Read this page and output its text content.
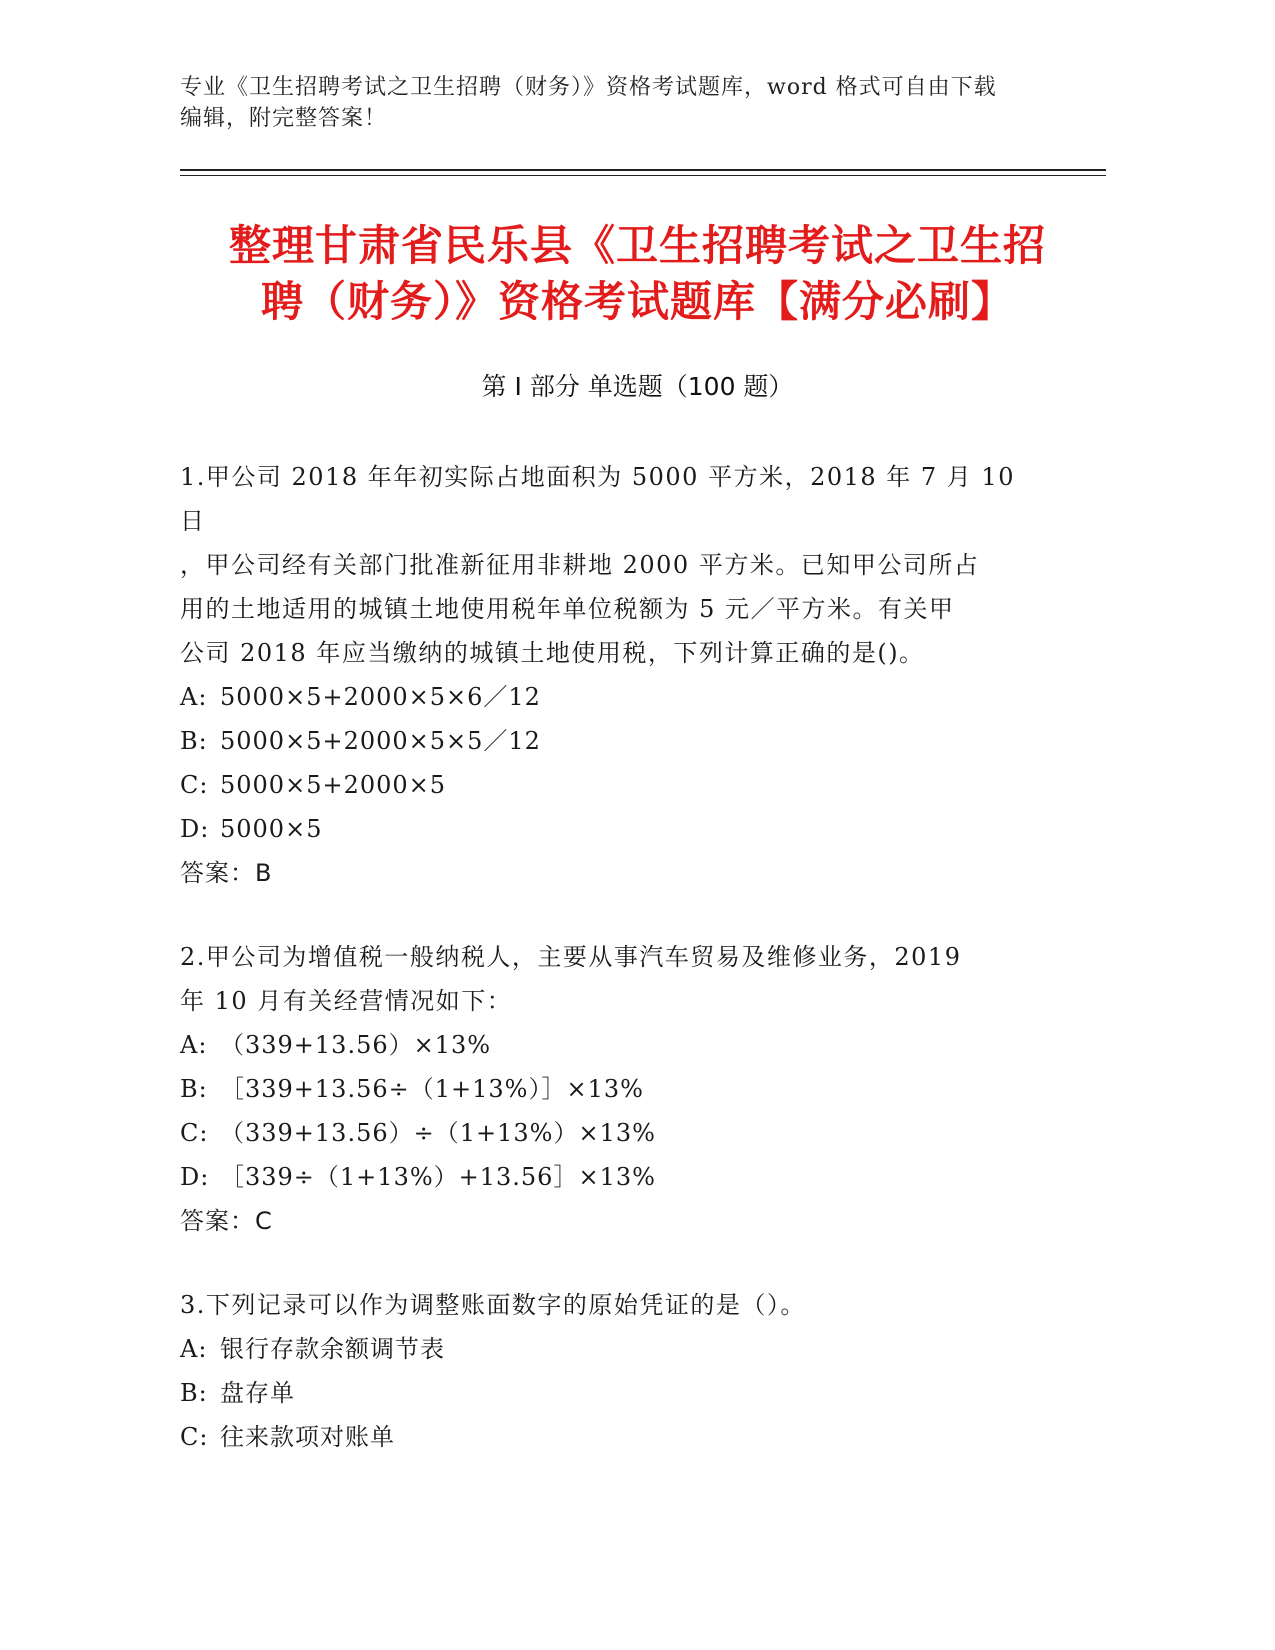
专业《卫生招聘考试之卫生招聘（财务）》资格考试题库，word 格式可自由下载
编辑，附完整答案！
整理甘肃省民乐县《卫生招聘考试之卫生招
聘（财务）》资格考试题库【满分必刷】
第 I 部分 单选题（100 题）

1.甲公司 2018 年年初实际占地面积为 5000 平方米，2018 年 7 月 10 日

，甲公司经有关部门批准新征用非耕地 2000 平方米。已知甲公司所占

用的土地适用的城镇土地使用税年单位税额为 5 元／平方米。有关甲

公司 2018 年应当缴纳的城镇土地使用税，下列计算正确的是()。

A: 5000×5+2000×5×6／12

B: 5000×5+2000×5×5／12

C: 5000×5+2000×5

D: 5000×5

答案：B

2.甲公司为增值税一般纳税人，主要从事汽车贸易及维修业务，2019

年 10 月有关经营情况如下：

A: （339+13.56）×13%

B: ［339+13.56÷（1+13%）］×13%

C: （339+13.56）÷（1+13%）×13%

D: ［339÷（1+13%）+13.56］×13%

答案：C

3.下列记录可以作为调整账面数字的原始凭证的是（）。

A: 银行存款余额调节表

B: 盘存单

C: 往来款项对账单
